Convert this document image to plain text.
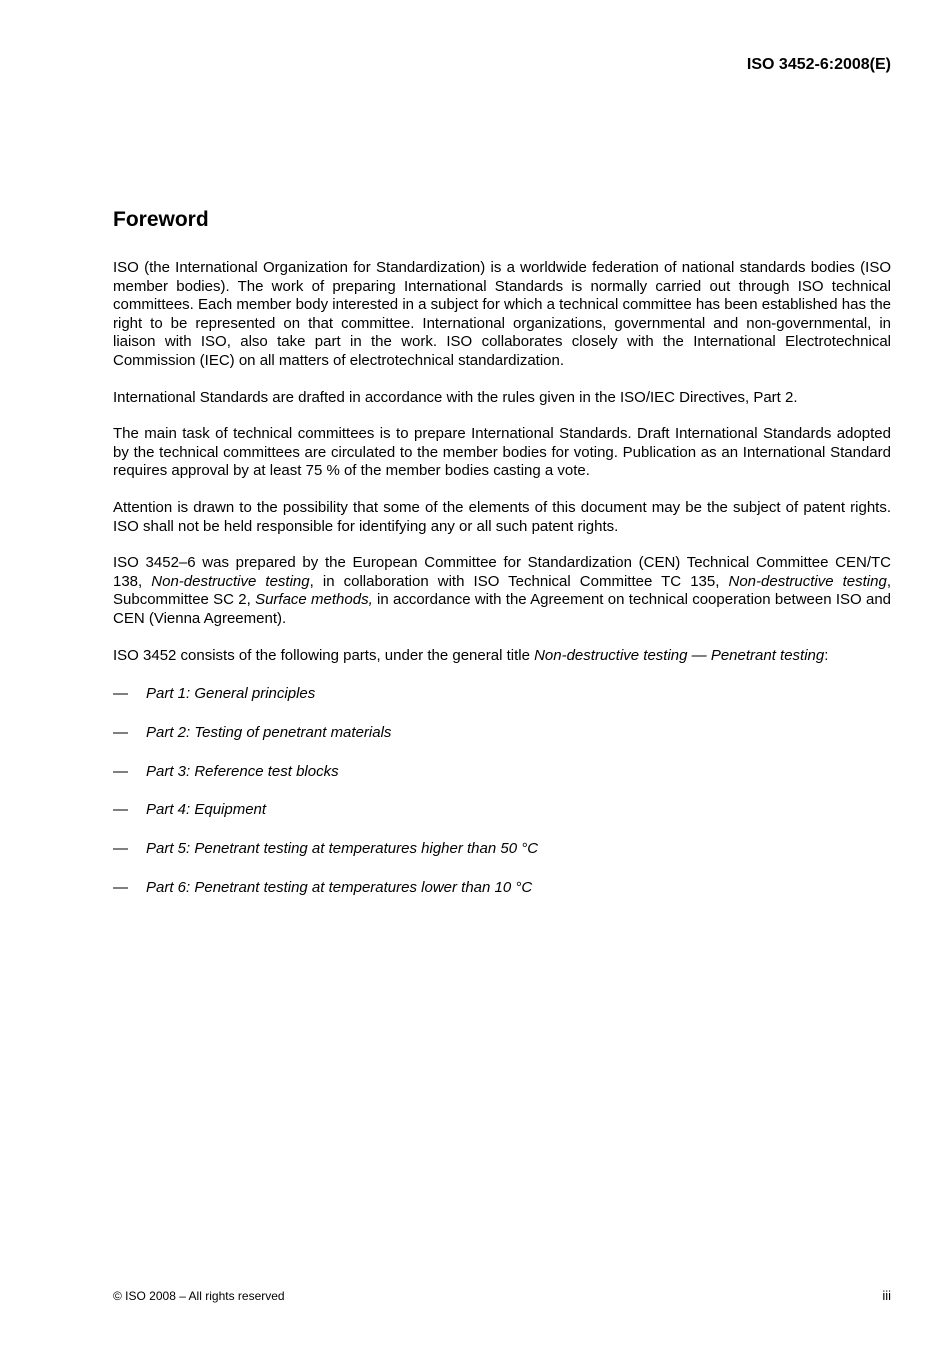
ISO 3452-6:2008(E)
Foreword

ISO (the International Organization for Standardization) is a worldwide federation of national standards bodies (ISO member bodies). The work of preparing International Standards is normally carried out through ISO technical committees. Each member body interested in a subject for which a technical committee has been established has the right to be represented on that committee. International organizations, governmental and non-governmental, in liaison with ISO, also take part in the work. ISO collaborates closely with the International Electrotechnical Commission (IEC) on all matters of electrotechnical standardization.

International Standards are drafted in accordance with the rules given in the ISO/IEC Directives, Part 2.

The main task of technical committees is to prepare International Standards. Draft International Standards adopted by the technical committees are circulated to the member bodies for voting. Publication as an International Standard requires approval by at least 75 % of the member bodies casting a vote.

Attention is drawn to the possibility that some of the elements of this document may be the subject of patent rights. ISO shall not be held responsible for identifying any or all such patent rights.

ISO 3452–6 was prepared by the European Committee for Standardization (CEN) Technical Committee CEN/TC 138, Non-destructive testing, in collaboration with ISO Technical Committee TC 135, Non-destructive testing, Subcommittee SC 2, Surface methods, in accordance with the Agreement on technical cooperation between ISO and CEN (Vienna Agreement).

ISO 3452 consists of the following parts, under the general title Non-destructive testing — Penetrant testing:

— Part 1: General principles
— Part 2: Testing of penetrant materials
— Part 3: Reference test blocks
— Part 4: Equipment
— Part 5: Penetrant testing at temperatures higher than 50 °C
— Part 6: Penetrant testing at temperatures lower than 10 °C
© ISO 2008 – All rights reserved	iii
